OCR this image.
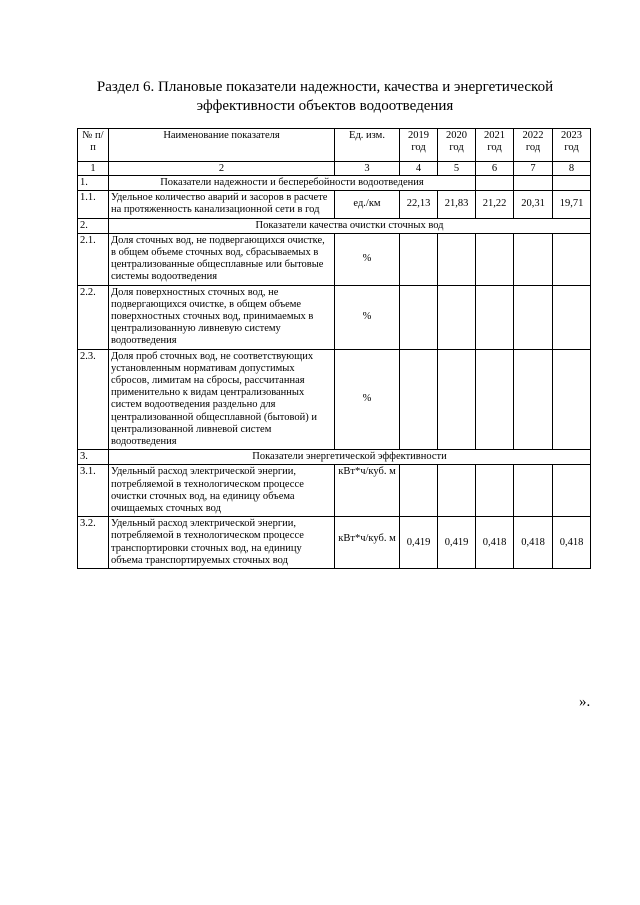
Раздел 6. Плановые показатели надежности, качества и энергетической
эффективности объектов водоотведения
№ п/п	Наименование показателя	Ед. изм.	2019 год	2020 год	2021 год	2022 год	2023 год
1	2	3	4	5	6	7	8
1.	Показатели надежности и бесперебойности водоотведения						
1.1.	Удельное количество аварий и засоров в расчете на протяженность канализационной сети в год	ед./км	22,13	21,83	21,22	20,31	19,71
2.	Показатели качества очистки сточных вод						
2.1.	Доля сточных вод, не подвергающихся очистке, в общем объеме сточных вод, сбрасываемых в централизованные общесплавные или бытовые системы водоотведения	%					
2.2.	Доля поверхностных сточных вод, не подвергающихся очистке, в общем объеме поверхностных сточных вод, принимаемых в централизованную ливневую систему водоотведения	%					
2.3.	Доля проб сточных вод, не соответствующих установленным нормативам допустимых сбросов, лимитам на сбросы, рассчитанная применительно к видам централизованных систем водоотведения раздельно для централизованной общесплавной (бытовой) и централизованной ливневой систем водоотведения	%					
3.	Показатели энергетической эффективности						
3.1.	Удельный расход электрической энергии, потребляемой в технологическом процессе очистки сточных вод, на единицу объема очищаемых сточных вод	кВт*ч/куб. м					
3.2.	Удельный расход электрической энергии, потребляемой в технологическом процессе транспортировки сточных вод, на единицу объема транспортируемых сточных вод	кВт*ч/куб. м	0,419	0,419	0,418	0,418	0,418
».
